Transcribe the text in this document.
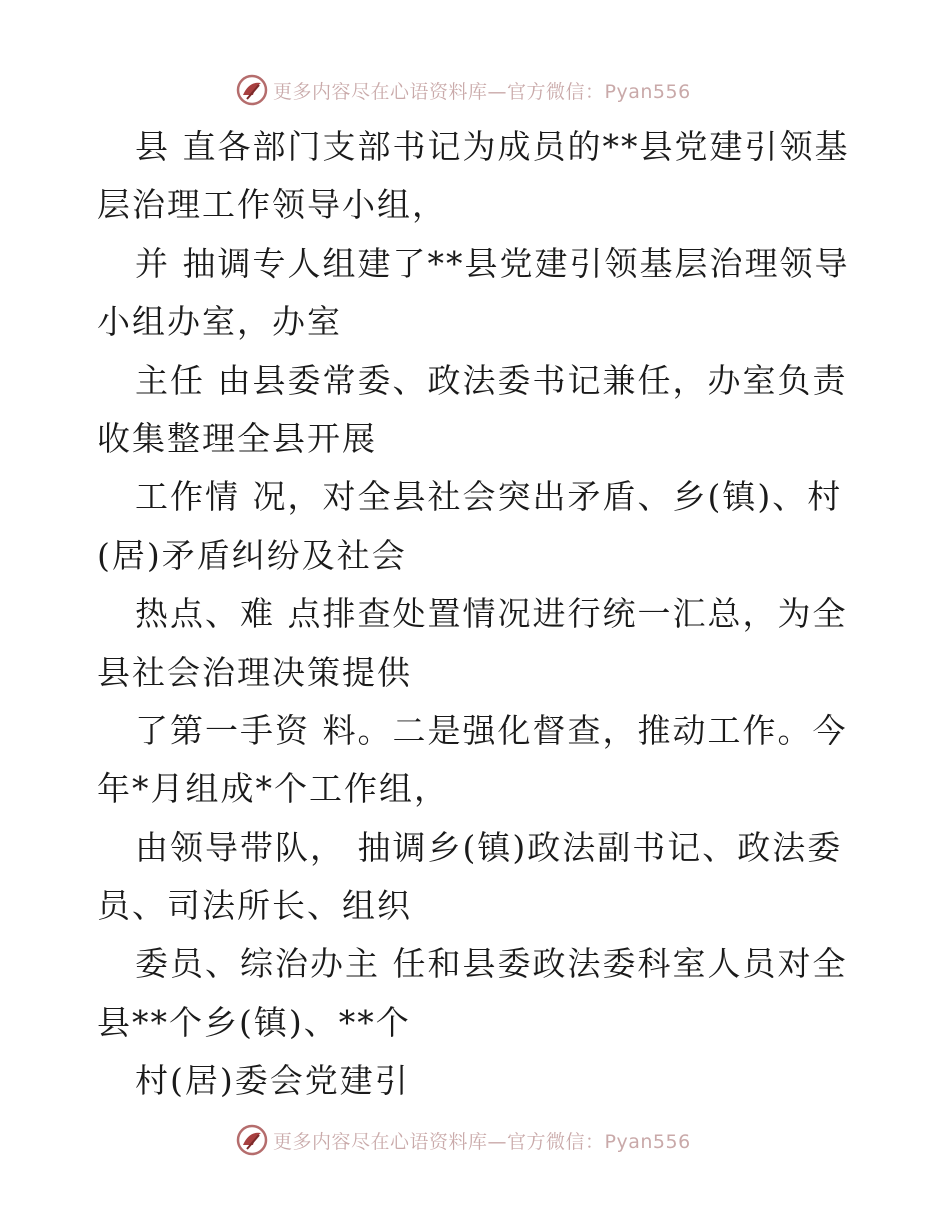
更多内容尽在心语资料库—官方微信：Pyan556
县 直各部门支部书记为成员的**县党建引领基
层治理工作领导小组，
并 抽调专人组建了**县党建引领基层治理领导
小组办室，办室
主任 由县委常委、政法委书记兼任，办室负责
收集整理全县开展
工作情 况，对全县社会突出矛盾、乡(镇)、村
(居)矛盾纠纷及社会
热点、难 点排查处置情况进行统一汇总，为全
县社会治理决策提供
了第一手资 料。二是强化督查，推动工作。今
年*月组成*个工作组，
由领导带队， 抽调乡(镇)政法副书记、政法委
员、司法所长、组织
委员、综治办主 任和县委政法委科室人员对全
县**个乡(镇)、**个
村(居)委会党建引
更多内容尽在心语资料库—官方微信：Pyan556
